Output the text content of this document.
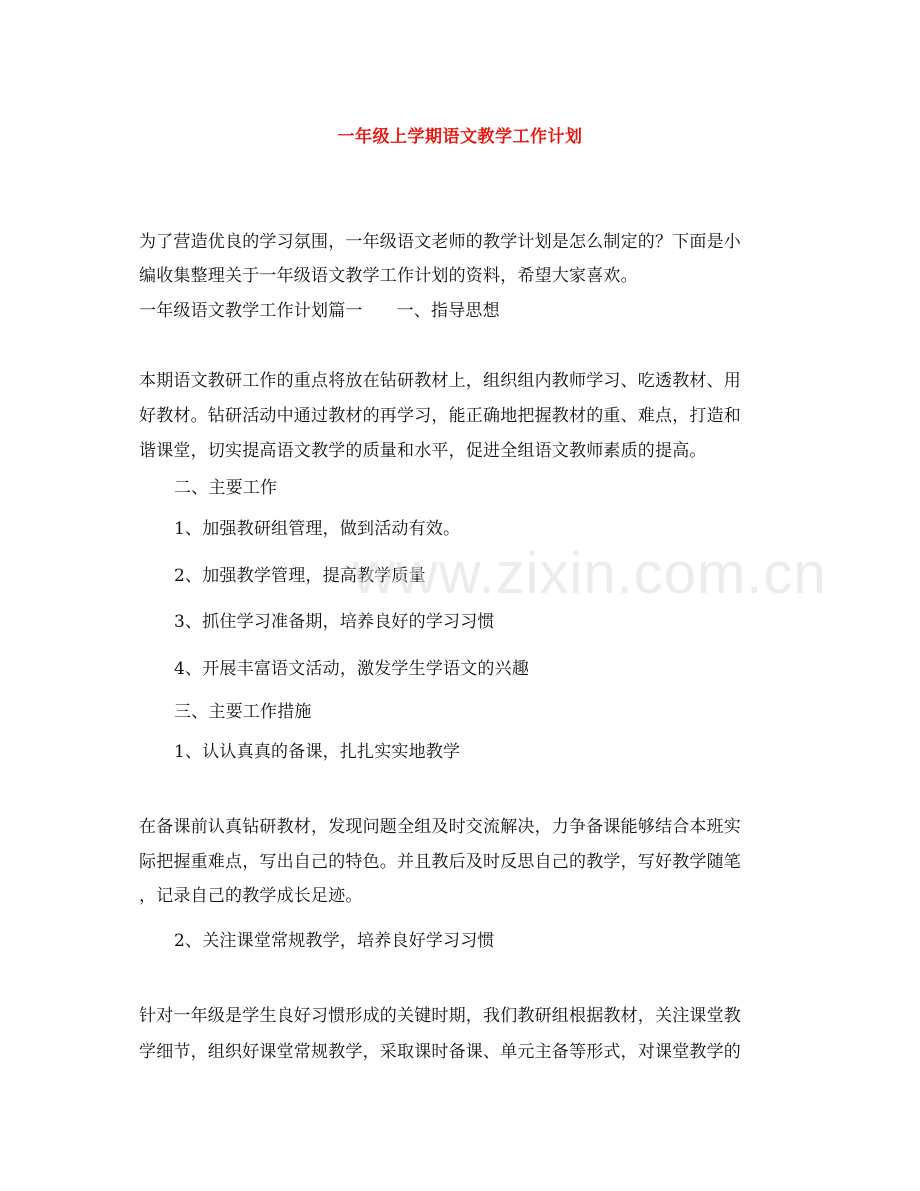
一年级上学期语文教学工作计划
为了营造优良的学习氛围，一年级语文老师的教学计划是怎么制定的？下面是小
编收集整理关于一年级语文教学工作计划的资料，希望大家喜欢。
一年级语文教学工作计划篇一 一、指导思想
本期语文教研工作的重点将放在钻研教材上，组织组内教师学习、吃透教材、用
好教材。钻研活动中通过教材的再学习，能正确地把握教材的重、难点，打造和
谐课堂，切实提高语文教学的质量和水平，促进全组语文教师素质的提高。
二、主要工作
1、加强教研组管理，做到活动有效。
2、加强教学管理，提高教学质量
3、抓住学习准备期，培养良好的学习习惯
4、开展丰富语文活动，激发学生学语文的兴趣
三、主要工作措施
1、认认真真的备课，扎扎实实地教学
在备课前认真钻研教材，发现问题全组及时交流解决，力争备课能够结合本班实
际把握重难点，写出自己的特色。并且教后及时反思自己的教学，写好教学随笔
，记录自己的教学成长足迹。
2、关注课堂常规教学，培养良好学习习惯
针对一年级是学生良好习惯形成的关键时期，我们教研组根据教材，关注课堂教
学细节，组织好课堂常规教学，采取课时备课、单元主备等形式，对课堂教学的
www.zixin.com.cn
